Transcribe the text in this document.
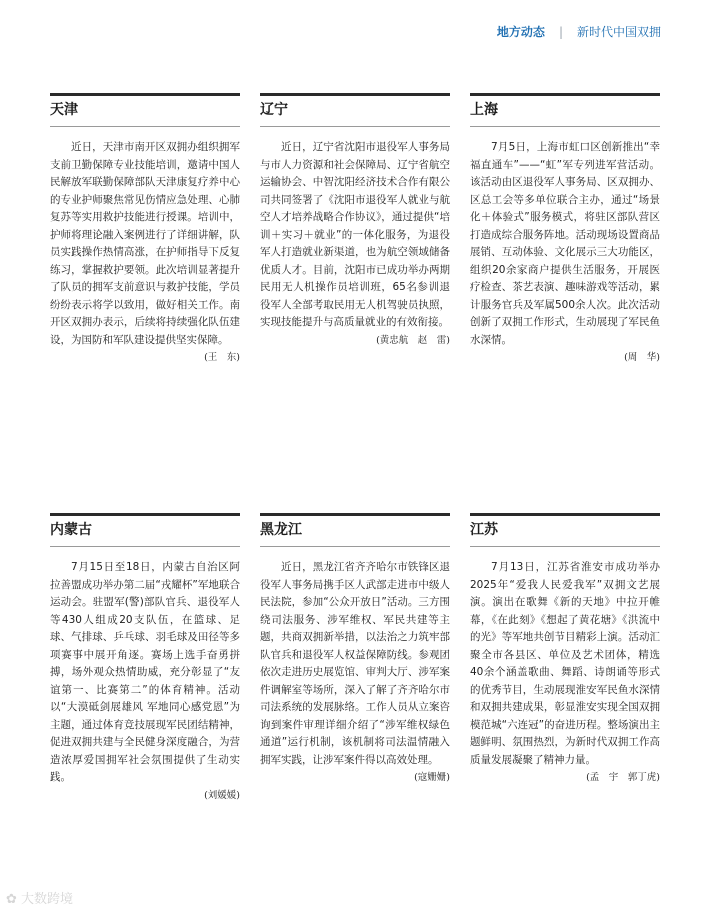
地方动态 | 新时代中国双拥
天津
近日，天津市南开区双拥办组织拥军支前卫勤保障专业技能培训，邀请中国人民解放军联勤保障部队天津康复疗养中心的专业护师聚焦常见伤情应急处理、心肺复苏等实用救护技能进行授课。培训中，护师将理论融入案例进行了详细讲解，队员实践操作热情高涨，在护师指导下反复练习，掌握救护要领。此次培训显著提升了队员的拥军支前意识与救护技能，学员纷纷表示将学以致用，做好相关工作。南开区双拥办表示，后续将持续强化队伍建设，为国防和军队建设提供坚实保障。
(王　东)
辽宁
近日，辽宁省沈阳市退役军人事务局与市人力资源和社会保障局、辽宁省航空运输协会、中智沈阳经济技术合作有限公司共同签署了《沈阳市退役军人就业与航空人才培养战略合作协议》，通过提供“培训＋实习＋就业”的一体化服务，为退役军人打造就业新渠道，也为航空领域储备优质人才。目前，沈阳市已成功举办两期民用无人机操作员培训班，65名参训退役军人全部考取民用无人机驾驶员执照，实现技能提升与高质量就业的有效衔接。
(黄忠航　赵　雷)
上海
7月5日，上海市虹口区创新推出“幸福直通车”——“虹”军专列进军营活动。该活动由区退役军人事务局、区双拥办、区总工会等多单位联合主办，通过“场景化＋体验式”服务模式，将驻区部队营区打造成综合服务阵地。活动现场设置商品展销、互动体验、文化展示三大功能区，组织20余家商户提供生活服务，开展医疗检查、茶艺表演、趣味游戏等活动，累计服务官兵及军属500余人次。此次活动创新了双拥工作形式，生动展现了军民鱼水深情。
(周　华)
内蒙古
7月15日至18日，内蒙古自治区阿拉善盟成功举办第二届“戎耀杯”军地联合运动会。驻盟军(警)部队官兵、退役军人等430人组成20支队伍，在篮球、足球、气排球、乒乓球、羽毛球及田径等多项赛事中展开角逐。赛场上选手奋勇拼搏，场外观众热情助威，充分彰显了“友谊第一、比赛第二”的体育精神。活动以“大漠砥剑展雄风 军地同心感党恩”为主题，通过体育竞技展现军民团结精神，促进双拥共建与全民健身深度融合，为营造浓厚爱国拥军社会氛围提供了生动实践。
(刘媛媛)
黑龙江
近日，黑龙江省齐齐哈尔市铁锋区退役军人事务局携手区人武部走进市中级人民法院，参加“公众开放日”活动。三方围绕司法服务、涉军维权、军民共建等主题，共商双拥新举措，以法治之力筑牢部队官兵和退役军人权益保障防线。参观团依次走进历史展览馆、审判大厅、涉军案件调解室等场所，深入了解了齐齐哈尔市司法系统的发展脉络。工作人员从立案咨询到案件审理详细介绍了“涉军维权绿色通道”运行机制，该机制将司法温情融入拥军实践，让涉军案件得以高效处理。
(寇姗姗)
江苏
7月13日，江苏省淮安市成功举办2025年“爱我人民爱我军”双拥文艺展演。演出在歌舞《新的天地》中拉开帷幕，《在此刻》《想起了黄花塘》《洪流中的光》等军地共创节目精彩上演。活动汇聚全市各县区、单位及艺术团体，精选40余个涵盖歌曲、舞蹈、诗朗诵等形式的优秀节目，生动展现淮安军民鱼水深情和双拥共建成果，彰显淮安实现全国双拥模范城“六连冠”的奋进历程。整场演出主题鲜明、氛围热烈，为新时代双拥工作高质量发展凝聚了精神力量。
(孟　宇　郭丁虎)
✿ 大数跨境
